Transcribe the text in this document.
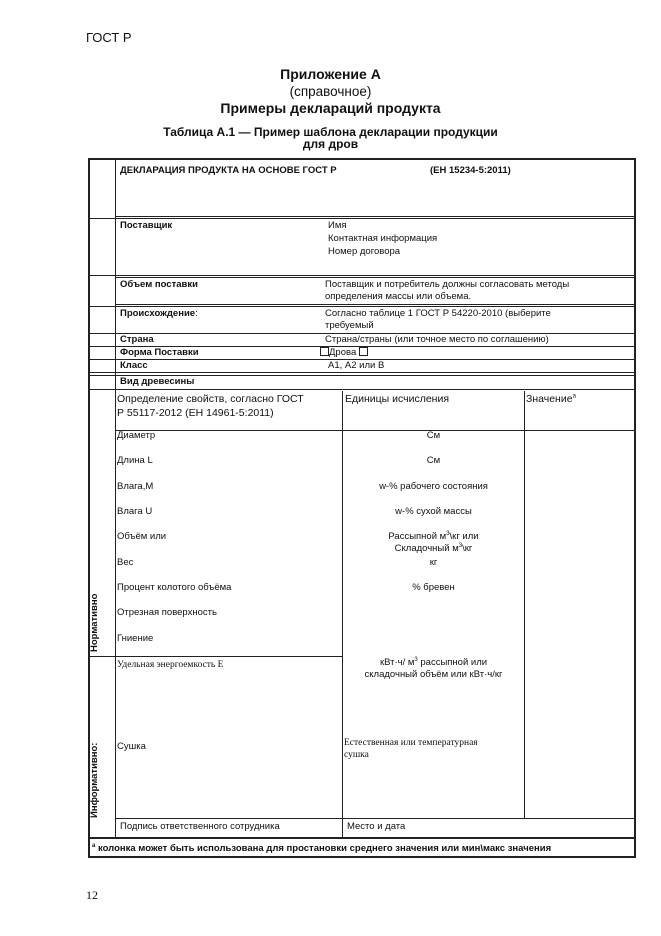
ГОСТ Р
Приложение А
(справочное)
Примеры деклараций продукта
Таблица А.1 — Пример шаблона декларации продукции
для дров
ДЕКЛАРАЦИЯ ПРОДУКТА НА ОСНОВЕ ГОСТ Р	(ЕН 15234-5:2011)
Поставщик	Имя
Контактная информация
Номер договора
Объем поставки	Поставщик и потребитель должны согласовать методы
определения массы или объема.
Происхождение:	Согласно таблице 1 ГОСТ Р 54220-2010 (выберите
требуемый
Страна	Страна/страны (или точное место по соглашению)
Форма Поставки	Дрова
Класс	А1, А2 или В
Вид древесины
Определение свойств, согласно ГОСТ
Р 55117-2012 (ЕН 14961-5:2011)
Единицы исчисления	Значение$^а$
Нормативно
Информативно:
Диаметр	См
Длина L	См
Влага,М	w-% рабочего состояния
Влага U	w-% сухой массы
Объём или	Рассыпной $м^3\backslash кг$ или
Складочный $м^3\backslash кг$
Вес	кг
Процент колотого объёма	% бревен
Отрезная поверхность
Гниение
Удельная энергоемкость Е	кВт·ч/ $м^3$ рассыпной или
складочный объём или кВт·ч/кг
Сушка	Естественная или температурная
сушка
Подпись ответственного сотрудника	Место и дата
$^а$ колонка может быть использована для простановки среднего значения или мин\макс значения
12
